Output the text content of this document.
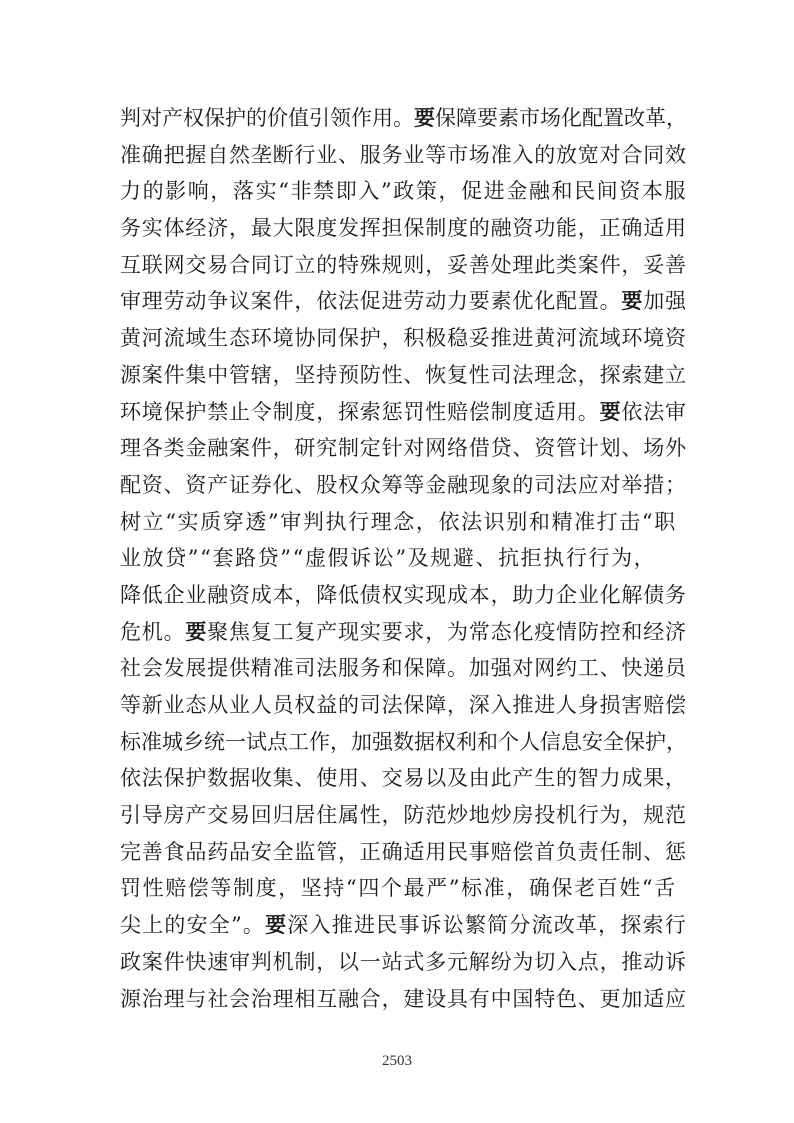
判对产权保护的价值引领作用。要保障要素市场化配置改革，
准确把握自然垄断行业、服务业等市场准入的放宽对合同效
力的影响，落实“非禁即入”政策，促进金融和民间资本服
务实体经济，最大限度发挥担保制度的融资功能，正确适用
互联网交易合同订立的特殊规则，妥善处理此类案件，妥善
审理劳动争议案件，依法促进劳动力要素优化配置。要加强
黄河流域生态环境协同保护，积极稳妥推进黄河流域环境资
源案件集中管辖，坚持预防性、恢复性司法理念，探索建立
环境保护禁止令制度，探索惩罚性赔偿制度适用。要依法审
理各类金融案件，研究制定针对网络借贷、资管计划、场外
配资、资产证券化、股权众筹等金融现象的司法应对举措；
树立“实质穿透”审判执行理念，依法识别和精准打击“职
业放贷”“套路贷”“虚假诉讼”及规避、抗拒执行行为，
降低企业融资成本，降低债权实现成本，助力企业化解债务
危机。要聚焦复工复产现实要求，为常态化疫情防控和经济
社会发展提供精准司法服务和保障。加强对网约工、快递员
等新业态从业人员权益的司法保障，深入推进人身损害赔偿
标准城乡统一试点工作，加强数据权利和个人信息安全保护，
依法保护数据收集、使用、交易以及由此产生的智力成果，
引导房产交易回归居住属性，防范炒地炒房投机行为，规范
完善食品药品安全监管，正确适用民事赔偿首负责任制、惩
罚性赔偿等制度，坚持“四个最严”标准，确保老百姓“舌
尖上的安全”。要深入推进民事诉讼繁简分流改革，探索行
政案件快速审判机制，以一站式多元解纷为切入点，推动诉
源治理与社会治理相互融合，建设具有中国特色、更加适应
2503
